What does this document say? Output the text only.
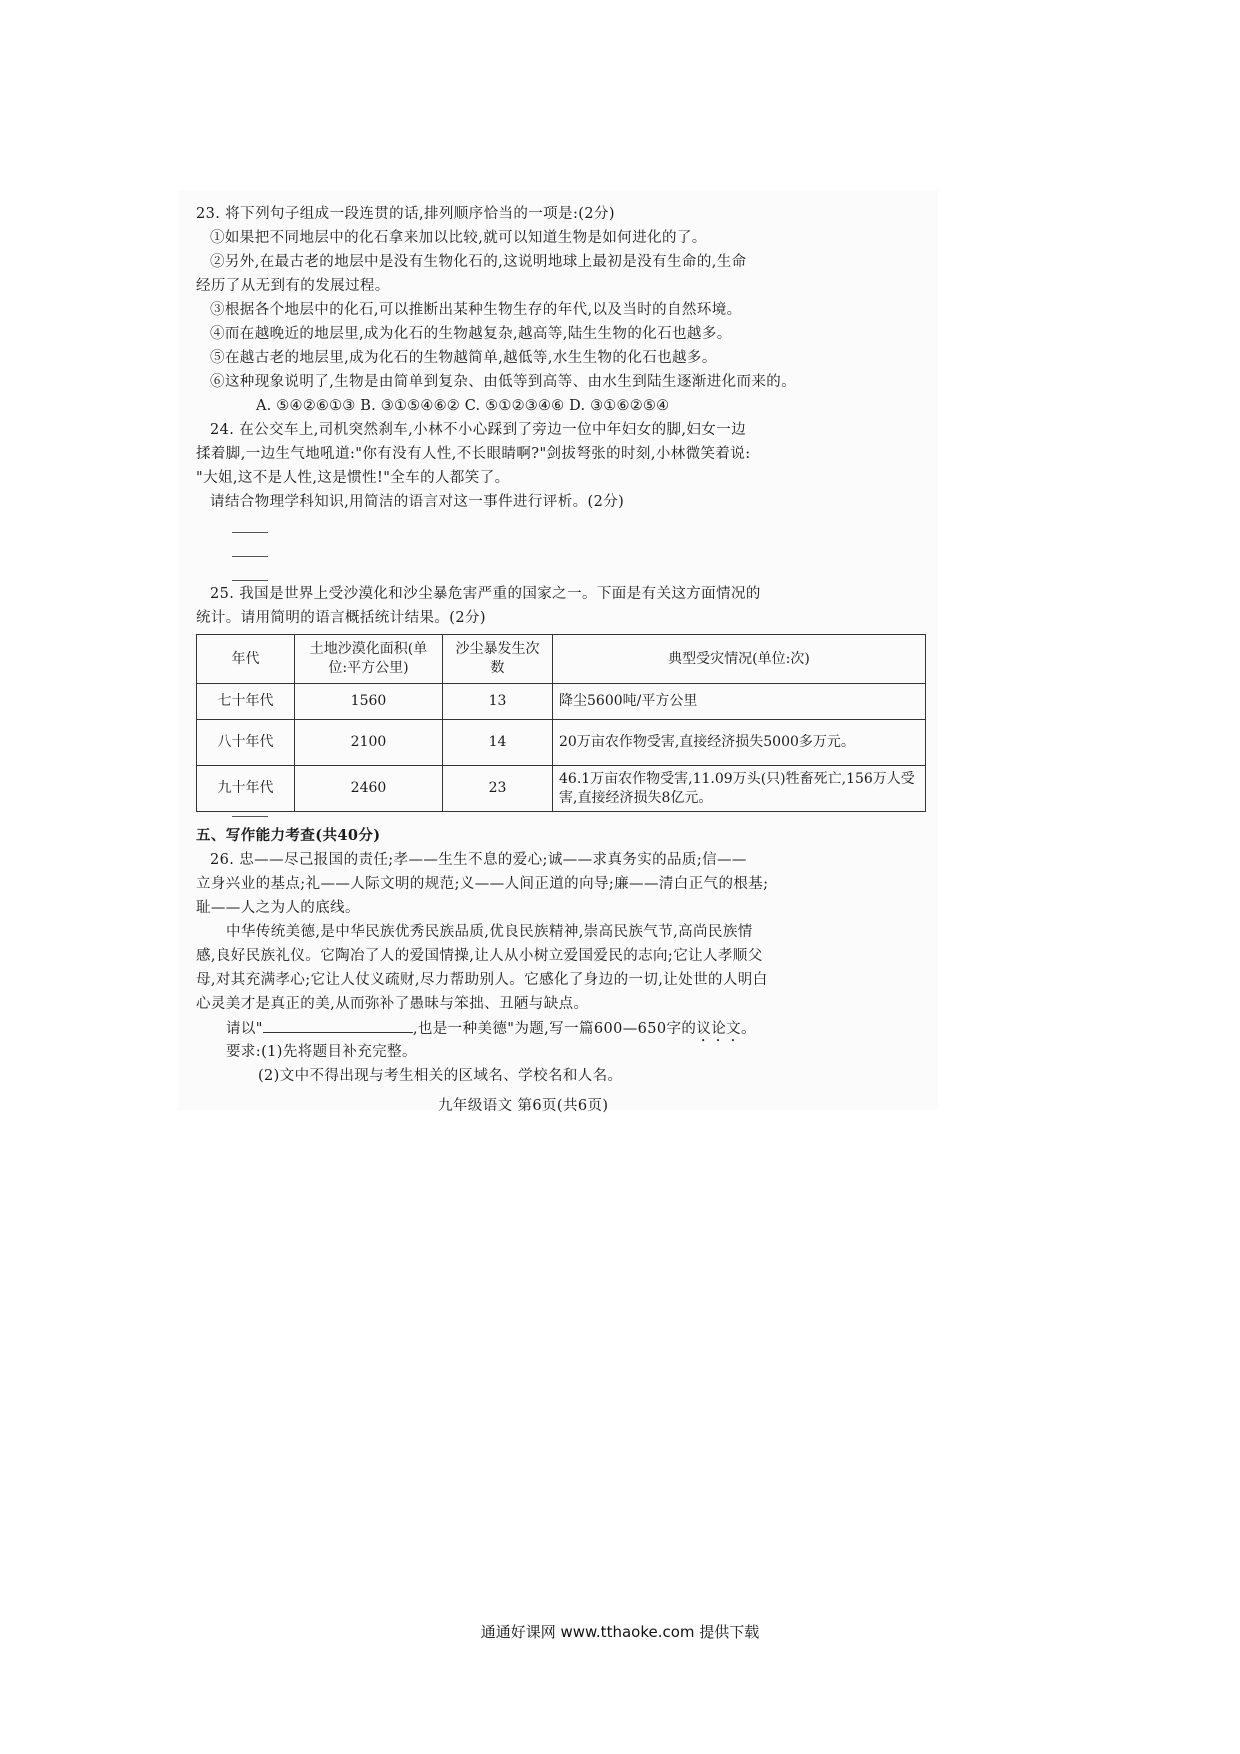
23. 将下列句子组成一段连贯的话,排列顺序恰当的一项是:(2分)
①如果把不同地层中的化石拿来加以比较,就可以知道生物是如何进化的了。
②另外,在最古老的地层中是没有生物化石的,这说明地球上最初是没有生命的,生命
经历了从无到有的发展过程。
③根据各个地层中的化石,可以推断出某种生物生存的年代,以及当时的自然环境。
④而在越晚近的地层里,成为化石的生物越复杂,越高等,陆生生物的化石也越多。
⑤在越古老的地层里,成为化石的生物越简单,越低等,水生生物的化石也越多。
⑥这种现象说明了,生物是由简单到复杂、由低等到高等、由水生到陆生逐渐进化而来的。
A. ⑤④②⑥①③ B. ③①⑤④⑥② C. ⑤①②③④⑥ D. ③①⑥②⑤④
24. 在公交车上,司机突然刹车,小林不小心踩到了旁边一位中年妇女的脚,妇女一边
揉着脚,一边生气地吼道:"你有没有人性,不长眼睛啊?"剑拔弩张的时刻,小林微笑着说:
"大姐,这不是人性,这是惯性!"全车的人都笑了。
请结合物理学科知识,用简洁的语言对这一事件进行评析。(2分)
25. 我国是世界上受沙漠化和沙尘暴危害严重的国家之一。下面是有关这方面情况的
统计。请用简明的语言概括统计结果。(2分)
年代	土地沙漠化面积(单位:平方公里)	沙尘暴发生次数	典型受灾情况(单位:次)
七十年代	1560	13	降尘5600吨/平方公里
八十年代	2100	14	20万亩农作物受害,直接经济损失5000多万元。
九十年代	2460	23	46.1万亩农作物受害,11.09万头(只)牲畜死亡,156万人受害,直接经济损失8亿元。
五、写作能力考查(共40分)
26. 忠——尽己报国的责任;孝——生生不息的爱心;诚——求真务实的品质;信——
立身兴业的基点;礼——人际文明的规范;义——人间正道的向导;廉——清白正气的根基;
耻——人之为人的底线。
中华传统美德,是中华民族优秀民族品质,优良民族精神,崇高民族气节,高尚民族情
感,良好民族礼仪。它陶冶了人的爱国情操,让人从小树立爱国爱民的志向;它让人孝顺父
母,对其充满孝心;它让人仗义疏财,尽力帮助别人。它感化了身边的一切,让处世的人明白
心灵美才是真正的美,从而弥补了愚昧与笨拙、丑陋与缺点。
请以"	,也是一种美德"为题,写一篇600—650字的议论文。
要求:(1)先将题目补充完整。
(2)文中不得出现与考生相关的区域名、学校名和人名。
九年级语文 第6页(共6页)
通通好课网 www.tthaoke.com 提供下载
